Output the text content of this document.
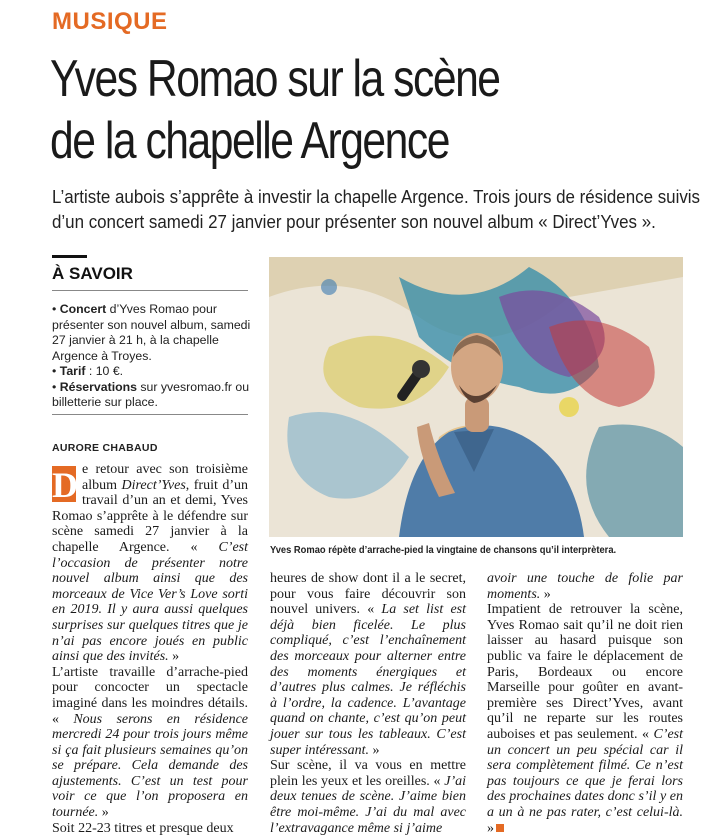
MUSIQUE
Yves Romao sur la scène
de la chapelle Argence
L’artiste aubois s’apprête à investir la chapelle Argence. Trois jours de résidence suivis
d’un concert samedi 27 janvier pour présenter son nouvel album « Direct’Yves ».
À SAVOIR

• Concert d’Yves Romao pour présenter son nouvel album, samedi 27 janvier à 21 h, à la chapelle Argence à Troyes.

• Tarif : 10 €.

• Réservations sur yvesromao.fr ou billetterie sur place.

AURORE CHABAUD

D e retour avec son troisième album Direct’Yves, fruit d’un travail d’un an et demi, Yves Romao s’apprête à le défendre sur scène samedi 27 janvier à la chapelle Argence. « C’est l’occasion de présenter notre nouvel album ainsi que des morceaux de Vice Ver’s Love sorti en 2019. Il y aura aussi quelques surprises sur quelques titres que je n’ai pas encore joués en public ainsi que des invités. »

L’artiste travaille d’arrache-pied pour concocter un spectacle imaginé dans les moindres détails. « Nous serons en résidence mercredi 24 pour trois jours même si ça fait plusieurs semaines qu’on se prépare. Cela demande des ajustements. C’est un test pour voir ce que l’on proposera en tournée. »

Soit 22-23 titres et presque deux

Yves Romao répète d’arrache-pied la vingtaine de chansons qu’il interprètera.

heures de show dont il a le secret, pour vous faire découvrir son nouvel univers. « La set list est déjà bien ficelée. Le plus compliqué, c’est l’enchaînement des morceaux pour alterner entre des moments énergiques et d’autres plus calmes. Je réfléchis à l’ordre, la cadence. L’avantage quand on chante, c’est qu’on peut jouer sur tous les tableaux. C’est super intéressant. »

Sur scène, il va vous en mettre plein les yeux et les oreilles. « J’ai deux tenues de scène. J’aime bien être moi-même. J’ai du mal avec l’extravagance même si j’aime

avoir une touche de folie par moments. »

Impatient de retrouver la scène, Yves Romao sait qu’il ne doit rien laisser au hasard puisque son public va faire le déplacement de Paris, Bordeaux ou encore Marseille pour goûter en avant-première ses Direct’Yves, avant qu’il ne reparte sur les routes auboises et pas seulement. « C’est un concert un peu spécial car il sera complètement filmé. Ce n’est pas toujours ce que je ferai lors des prochaines dates donc s’il y en a un à ne pas rater, c’est celui-là. »
